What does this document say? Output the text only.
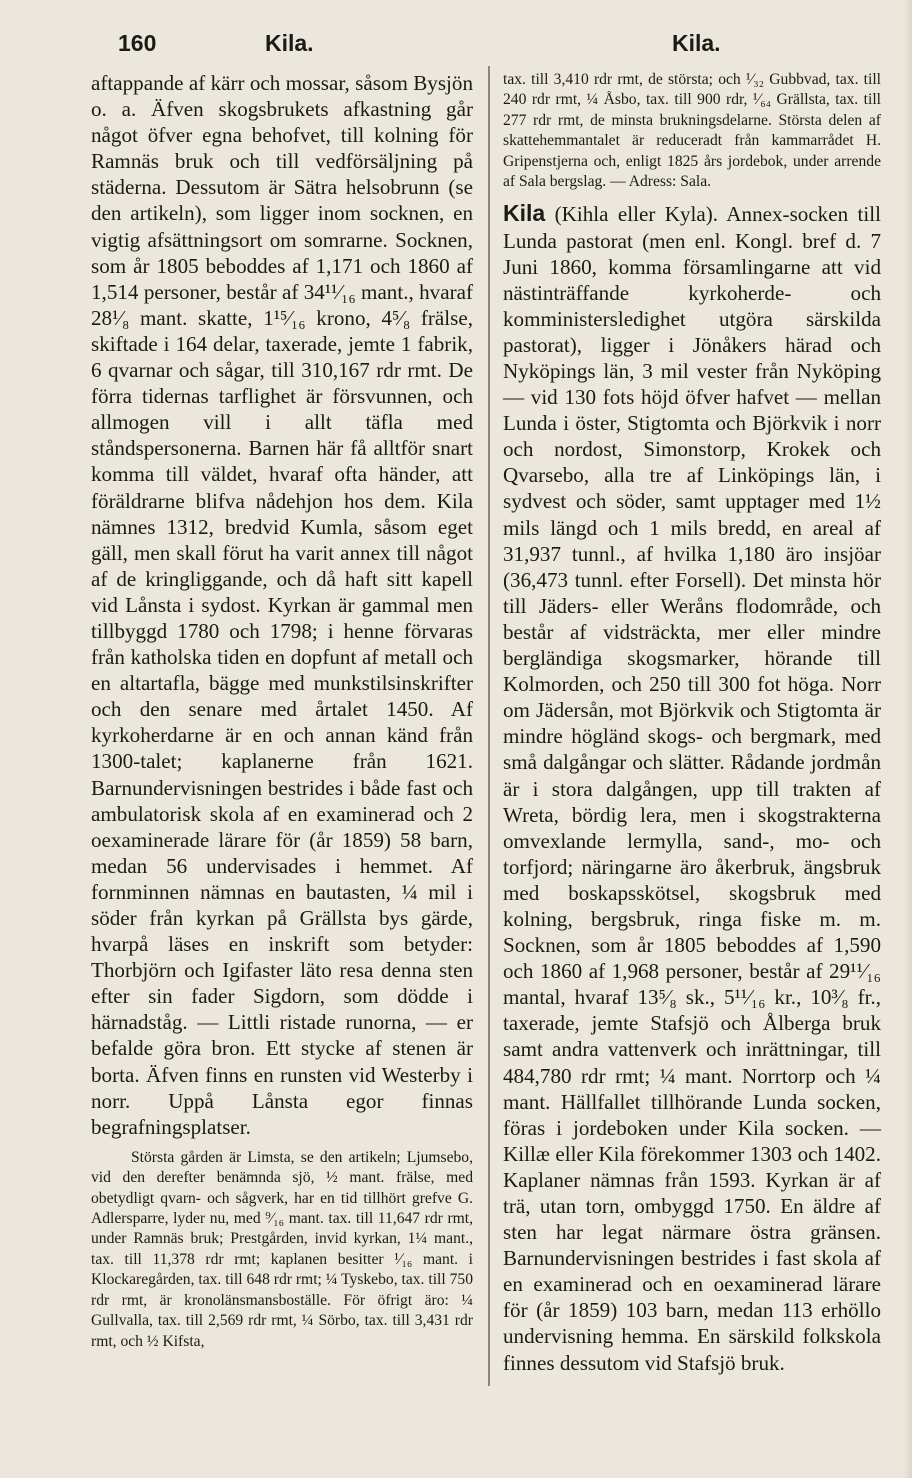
160	Kila.	Kila.

aftappande af kärr och mossar, såsom Bysjön o. a. Äfven skogsbrukets afkastning går något öfver egna behofvet, till kolning för Ramnäs bruk och till vedförsäljning på städerna. Dessutom är Sätra helsobrunn (se den artikeln), som ligger inom socknen, en vigtig afsättningsort om somrarne. Socknen, som år 1805 beboddes af 1,171 och 1860 af 1,514 personer, består af 34¹¹⁄₁₆ mant., hvaraf 28¹⁄₈ mant. skatte, 1¹⁵⁄₁₆ krono, 4⁵⁄₈ frälse, skiftade i 164 delar, taxerade, jemte 1 fabrik, 6 qvarnar och sågar, till 310,167 rdr rmt. De förra tidernas tarflighet är försvunnen, och allmogen vill i allt täfla med ståndspersonerna. Barnen här få alltför snart komma till väldet, hvaraf ofta händer, att föräldrarne blifva nådehjon hos dem. Kila nämnes 1312, bredvid Kumla, såsom eget gäll, men skall förut ha varit annex till något af de kringliggande, och då haft sitt kapell vid Lånsta i sydost. Kyrkan är gammal men tillbyggd 1780 och 1798; i henne förvaras från katholska tiden en dopfunt af metall och en altartafla, bägge med munkstilsinskrifter och den senare med årtalet 1450. Af kyrkoherdarne är en och annan känd från 1300-talet; kaplanerne från 1621. Barnundervisningen bestrides i både fast och ambulatorisk skola af en examinerad och 2 oexaminerade lärare för (år 1859) 58 barn, medan 56 undervisades i hemmet. Af fornminnen nämnas en bautasten, ¼ mil i söder från kyrkan på Grällsta bys gärde, hvarpå läses en inskrift som betyder: Thorbjörn och Igifaster läto resa denna sten efter sin fader Sigdorn, som dödde i härnadståg. — Littli ristade runorna, — er befalde göra bron. Ett stycke af stenen är borta. Äfven finns en runsten vid Westerby i norr. Uppå Lånsta egor finnas begrafningsplatser.

Största gården är Limsta, se den artikeln; Ljumsebo, vid den derefter benämnda sjö, ½ mant. frälse, med obetydligt qvarn- och sågverk, har en tid tillhört grefve G. Adlersparre, lyder nu, med ⁹⁄₁₆ mant. tax. till 11,647 rdr rmt, under Ramnäs bruk; Prestgården, invid kyrkan, 1¼ mant., tax. till 11,378 rdr rmt; kaplanen besitter ¹⁄₁₆ mant. i Klockaregården, tax. till 648 rdr rmt; ¼ Tyskebo, tax. till 750 rdr rmt, är kronolänsmansboställe. För öfrigt äro: ¼ Gullvalla, tax. till 2,569 rdr rmt, ¼ Sörbo, tax. till 3,431 rdr rmt, och ½ Kifsta,

tax. till 3,410 rdr rmt, de största; och ¹⁄₃₂ Gubbvad, tax. till 240 rdr rmt, ¼ Åsbo, tax. till 900 rdr, ¹⁄₆₄ Grällsta, tax. till 277 rdr rmt, de minsta brukningsdelarne. Största delen af skattehemmantalet är reduceradt från kammarrådet H. Gripenstjerna och, enligt 1825 års jordebok, under arrende af Sala bergslag. — Adress: Sala.

Kila (Kihla eller Kyla). Annex-socken till Lunda pastorat (men enl. Kongl. bref d. 7 Juni 1860, komma församlingarne att vid nästinträffande kyrkoherde- och komministersledighet utgöra särskilda pastorat), ligger i Jönåkers härad och Nyköpings län, 3 mil vester från Nyköping — vid 130 fots höjd öfver hafvet — mellan Lunda i öster, Stigtomta och Björkvik i norr och nordost, Simonstorp, Krokek och Qvarsebo, alla tre af Linköpings län, i sydvest och söder, samt upptager med 1½ mils längd och 1 mils bredd, en areal af 31,937 tunnl., af hvilka 1,180 äro insjöar (36,473 tunnl. efter Forsell). Det minsta hör till Jäders- eller Weråns flodområde, och består af vidsträckta, mer eller mindre bergländiga skogsmarker, hörande till Kolmorden, och 250 till 300 fot höga. Norr om Jädersån, mot Björkvik och Stigtomta är mindre högländ skogs- och bergmark, med små dalgångar och slätter. Rådande jordmån är i stora dalgången, upp till trakten af Wreta, bördig lera, men i skogstrakterna omvexlande lermylla, sand-, mo- och torfjord; näringarne äro åkerbruk, ängsbruk med boskapsskötsel, skogsbruk med kolning, bergsbruk, ringa fiske m. m. Socknen, som år 1805 beboddes af 1,590 och 1860 af 1,968 personer, består af 29¹¹⁄₁₆ mantal, hvaraf 13⁵⁄₈ sk., 5¹¹⁄₁₆ kr., 10³⁄₈ fr., taxerade, jemte Stafsjö och Ålberga bruk samt andra vattenverk och inrättningar, till 484,780 rdr rmt; ¼ mant. Norrtorp och ¼ mant. Hällfallet tillhörande Lunda socken, föras i jordeboken under Kila socken. — Killæ eller Kila förekommer 1303 och 1402. Kaplaner nämnas från 1593. Kyrkan är af trä, utan torn, ombyggd 1750. En äldre af sten har legat närmare östra gränsen. Barnundervisningen bestrides i fast skola af en examinerad och en oexaminerad lärare för (år 1859) 103 barn, medan 113 erhöllo undervisning hemma. En särskild folkskola finnes dessutom vid Stafsjö bruk.
